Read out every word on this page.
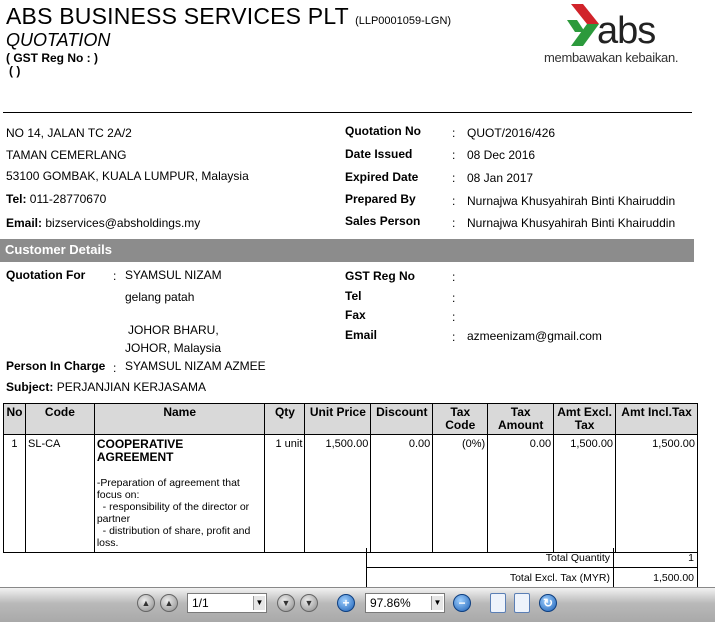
ABS BUSINESS SERVICES PLT (LLP0001059-LGN)
QUOTATION
( GST Reg No : )
( )
abs
membawakan kebaikan.
NO 14, JALAN TC 2A/2
TAMAN CEMERLANG
53100 GOMBAK, KUALA LUMPUR, Malaysia
Tel: 011-28770670
Email: bizservices@absholdings.my
Quotation No	: QUOT/2016/426
Date Issued	: 08 Dec 2016
Expired Date	: 08 Jan 2017
Prepared By	: Nurnajwa Khusyahirah Binti Khairuddin
Sales Person	: Nurnajwa Khusyahirah Binti Khairuddin
Customer Details
Quotation For : SYAMSUL NIZAM
gelang patah
JOHOR BHARU,
JOHOR, Malaysia
Person In Charge : SYAMSUL NIZAM AZMEE
Subject: PERJANJIAN KERJASAMA
GST Reg No	:
Tel	:
Fax	:
Email	: azmeenizam@gmail.com
No	Code	Name	Qty	Unit Price	Discount	Tax Code	Tax Amount	Amt Excl. Tax	Amt Incl.Tax
1	SL-CA	COOPERATIVE AGREEMENT
-Preparation of agreement that focus on:
- responsibility of the director or partner
- distribution of share, profit and loss.	1 unit	1,500.00	0.00	(0%)	0.00	1,500.00	1,500.00
Total Quantity	1
Total Excl. Tax (MYR)	1,500.00
▲	▲	1/1	▼	▼	▼	+	97.86%	▼	−	↻
